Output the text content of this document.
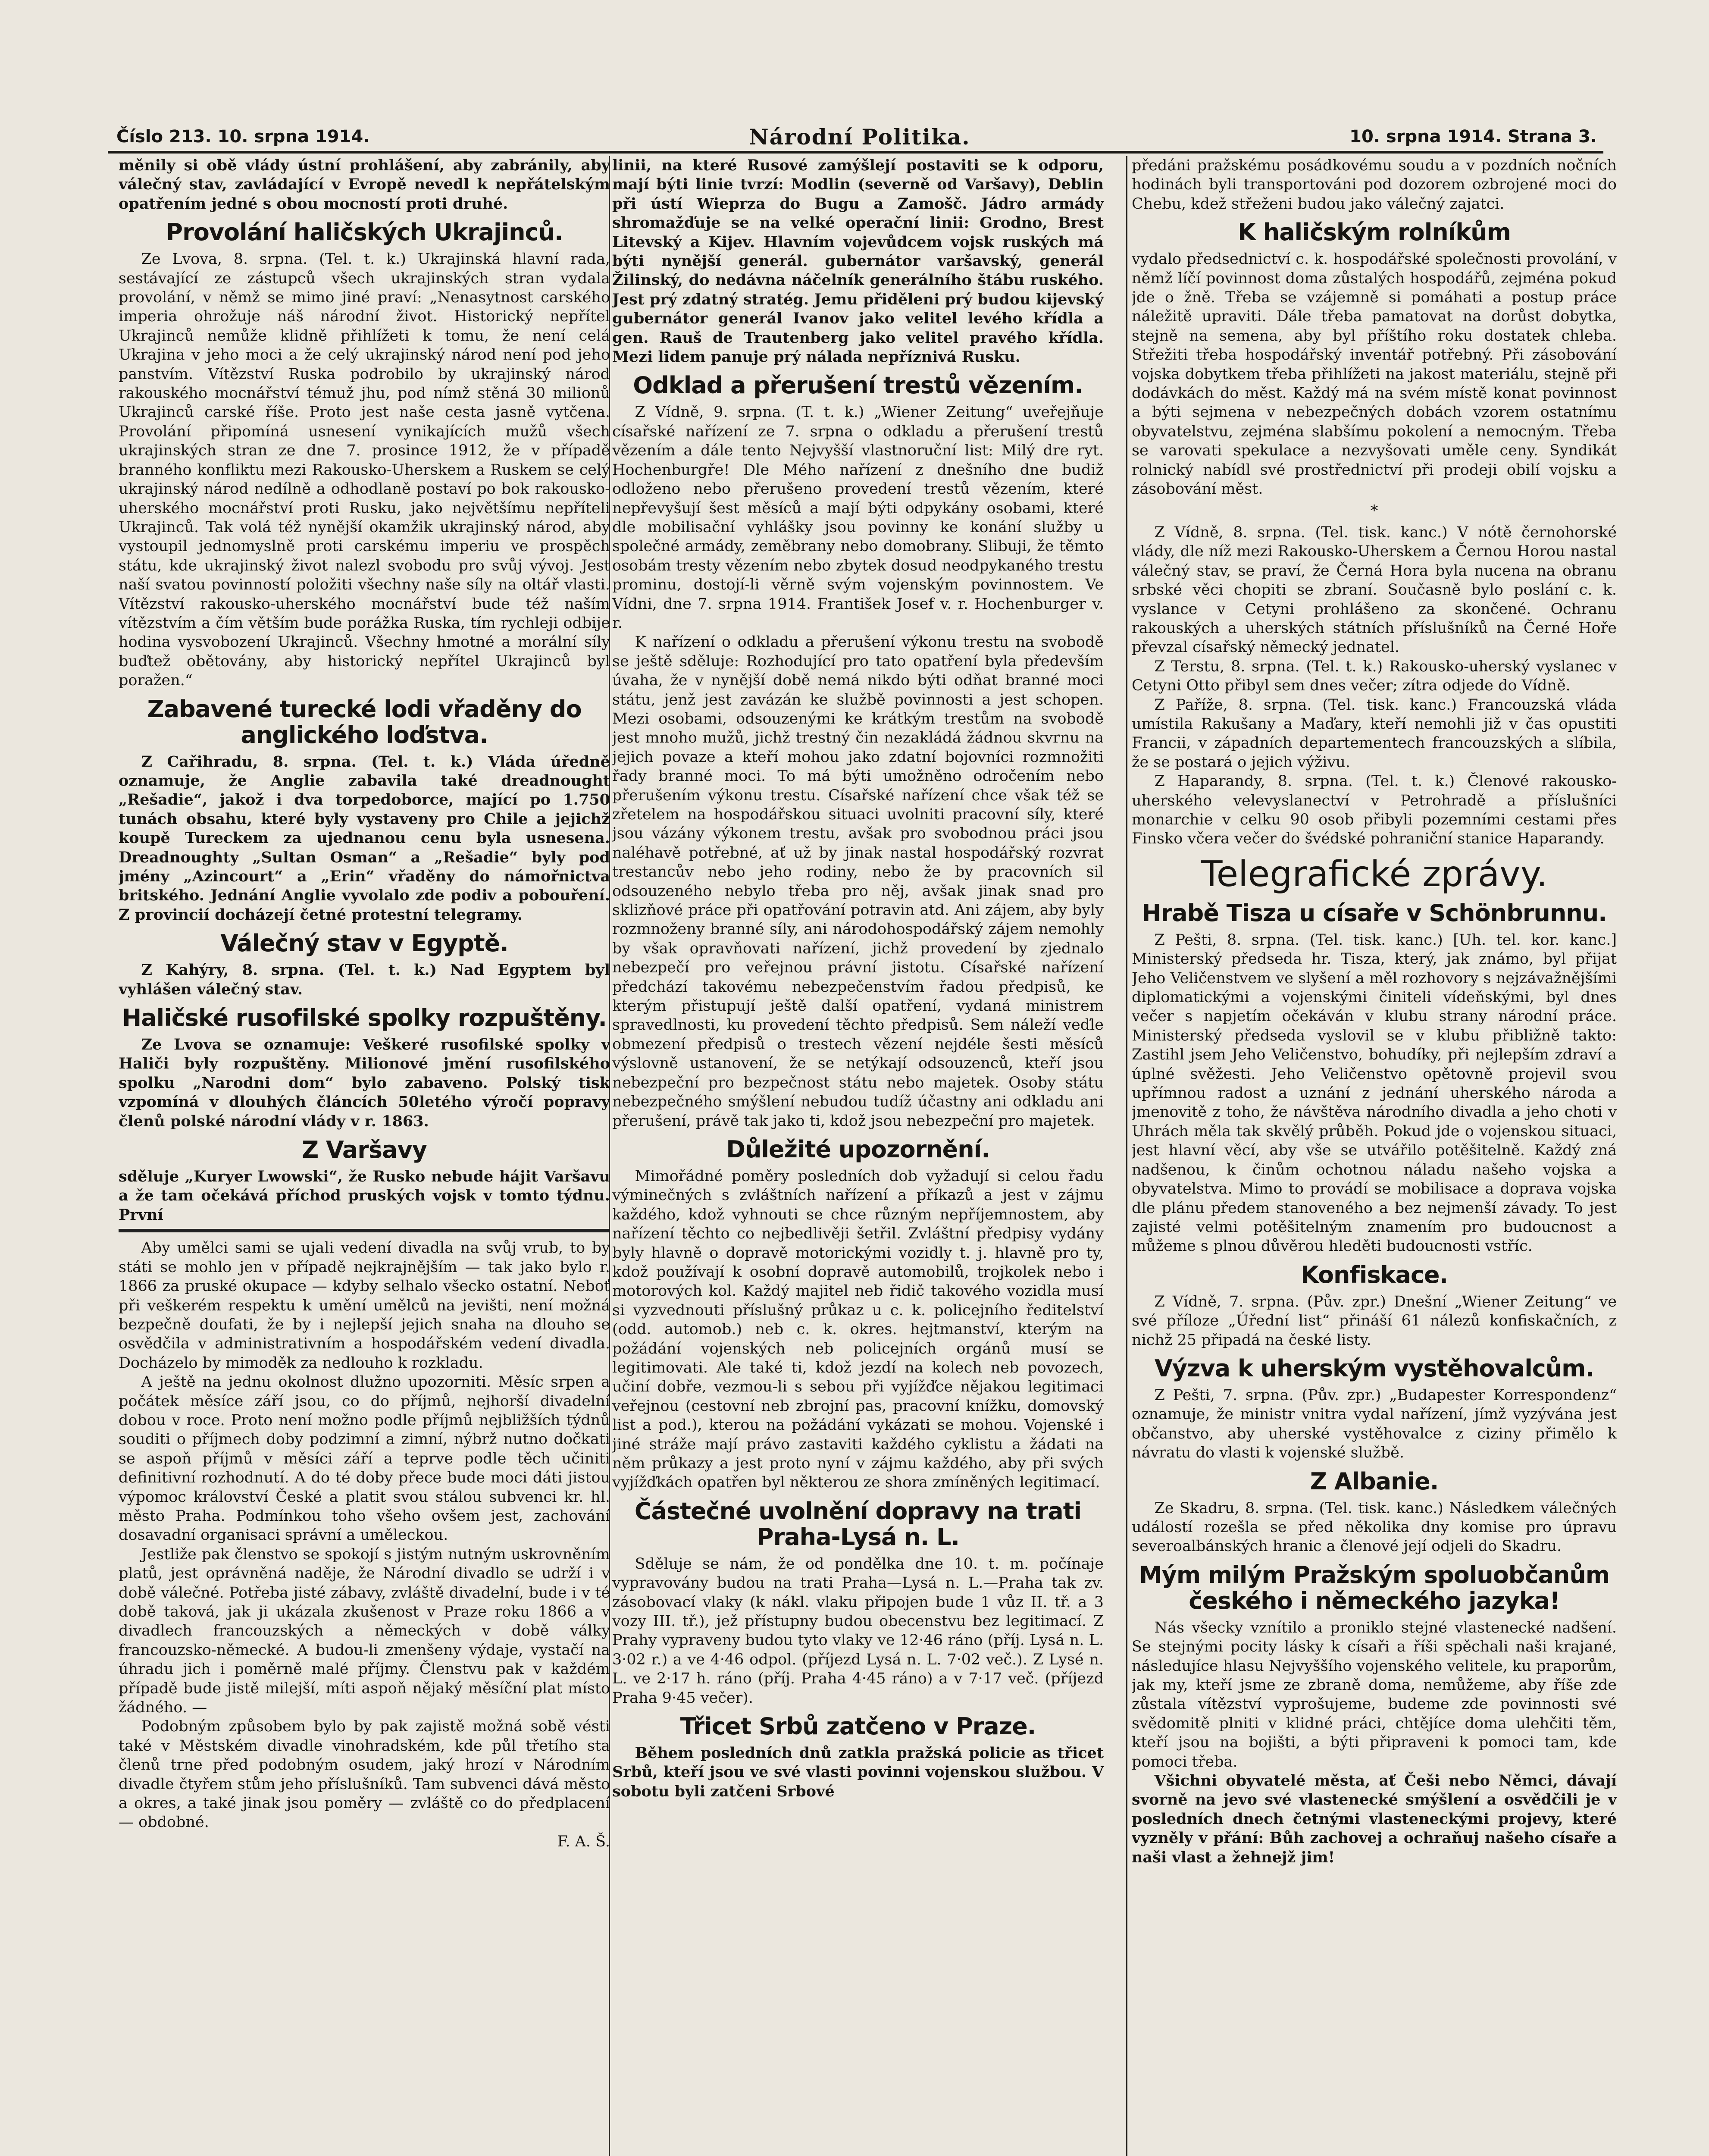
Číslo 213. 10. srpna 1914.	Národní Politika.	10. srpna 1914. Strana 3.

měnily si obě vlády ústní prohlášení, aby zabránily, aby válečný stav, zavládající v Evropě nevedl k nepřátelským opatřením jedné s obou mocností proti druhé.

Provolání haličských Ukrajinců.

Ze Lvova, 8. srpna. (Tel. t. k.) Ukrajinská hlavní rada, sestávající ze zástupců všech ukrajinských stran vydala provolání, v němž se mimo jiné praví: „Nenasytnost carského imperia ohrožuje náš národní život. Historický nepřítel Ukrajinců nemůže klidně přihlížeti k tomu, že není celá Ukrajina v jeho moci a že celý ukrajinský národ není pod jeho panstvím. Vítězství Ruska podrobilo by ukrajinský národ rakouského mocnářství témuž jhu, pod nímž stěná 30 milionů Ukrajinců carské říše. Proto jest naše cesta jasně vytčena. Provolání připomíná usnesení vynikajících mužů všech ukrajinských stran ze dne 7. prosince 1912, že v případě branného konfliktu mezi Rakousko-Uherskem a Ruskem se celý ukrajinský národ nedílně a odhodlaně postaví po bok rakousko-uherského mocnářství proti Rusku, jako největšímu nepříteli Ukrajinců. Tak volá též nynější okamžik ukrajinský národ, aby vystoupil jednomyslně proti carskému imperiu ve prospěch státu, kde ukrajinský život nalezl svobodu pro svůj vývoj. Jest naší svatou povinností položiti všechny naše síly na oltář vlasti. Vítězství rakousko-uherského mocnářství bude též naším vítězstvím a čím větším bude porážka Ruska, tím rychleji odbije hodina vysvobození Ukrajinců. Všechny hmotné a morální síly buďtež obětovány, aby historický nepřítel Ukrajinců byl poražen.“

Zabavené turecké lodi vřaděny do anglického loďstva.

Z Cařihradu, 8. srpna. (Tel. t. k.) Vláda úředně oznamuje, že Anglie zabavila také dreadnought „Rešadie“, jakož i dva torpedoborce, mající po 1.750 tunách obsahu, které byly vystaveny pro Chile a jejichž koupě Tureckem za ujednanou cenu byla usnesena. Dreadnoughty „Sultan Osman“ a „Rešadie“ byly pod jmény „Azincourt“ a „Erin“ vřaděny do námořnictva britského. Jednání Anglie vyvolalo zde podiv a pobouření. Z provincií docházejí četné protestní telegramy.

Válečný stav v Egyptě.

Z Kahýry, 8. srpna. (Tel. t. k.) Nad Egyptem byl vyhlášen válečný stav.

Haličské rusofilské spolky rozpuštěny.

Ze Lvova se oznamuje: Veškeré rusofilské spolky v Haliči byly rozpuštěny. Milionové jmění rusofilského spolku „Narodni dom“ bylo zabaveno. Polský tisk vzpomíná v dlouhých článcích 50letého výročí popravy členů polské národní vlády v r. 1863.

Z Varšavy

sděluje „Kuryer Lwowski“, že Rusko nebude hájit Varšavu a že tam očekává příchod pruských vojsk v tomto týdnu. První

Aby umělci sami se ujali vedení divadla na svůj vrub, to by státi se mohlo jen v případě nejkrajnějším — tak jako bylo r. 1866 za pruské okupace — kdyby selhalo všecko ostatní. Neboť při veškerém respektu k umění umělců na jevišti, není možná bezpečně doufati, že by i nejlepší jejich snaha na dlouho se osvědčila v administrativním a hospodářském vedení divadla. Docházelo by mimoděk za nedlouho k rozkladu.

A ještě na jednu okolnost dlužno upozorniti. Měsíc srpen a počátek měsíce září jsou, co do příjmů, nejhorší divadelní dobou v roce. Proto není možno podle příjmů nejbližších týdnů souditi o příjmech doby podzimní a zimní, nýbrž nutno dočkati se aspoň příjmů v měsíci září a teprve podle těch učiniti definitivní rozhodnutí. A do té doby přece bude moci dáti jistou výpomoc království České a platit svou stálou subvenci kr. hl. město Praha. Podmínkou toho všeho ovšem jest, zachování dosavadní organisaci správní a uměleckou.

Jestliže pak členstvo se spokojí s jistým nutným uskrovněním platů, jest oprávněná naděje, že Národní divadlo se udrží i v době válečné. Potřeba jisté zábavy, zvláště divadelní, bude i v té době taková, jak ji ukázala zkušenost v Praze roku 1866 a v divadlech francouzských a německých v době války francouzsko-německé. A budou-li zmenšeny výdaje, vystačí na úhradu jich i poměrně malé příjmy. Členstvu pak v každém případě bude jistě milejší, míti aspoň nějaký měsíční plat místo žádného. —

Podobným způsobem bylo by pak zajistě možná sobě vésti také v Městském divadle vinohradském, kde půl třetího sta členů trne před podobným osudem, jaký hrozí v Národním divadle čtyřem stům jeho příslušníků. Tam subvenci dává město a okres, a také jinak jsou poměry — zvláště co do předplacení — obdobné.

F. A. Š.

linii, na které Rusové zamýšlejí postaviti se k odporu, mají býti linie tvrzí: Modlin (severně od Varšavy), Deblin při ústí Wieprza do Bugu a Zamošč. Jádro armády shromažďuje se na velké operační linii: Grodno, Brest Litevský a Kijev. Hlavním vojevůdcem vojsk ruských má býti nynější generál. gubernátor varšavský, generál Žilinský, do nedávna náčelník generálního štábu ruského. Jest prý zdatný stratég. Jemu přiděleni prý budou kijevský gubernátor generál Ivanov jako velitel levého křídla a gen. Rauš de Trautenberg jako velitel pravého křídla. Mezi lidem panuje prý nálada nepříznivá Rusku.

Odklad a přerušení trestů vězením.

Z Vídně, 9. srpna. (T. t. k.) „Wiener Zeitung“ uveřejňuje císařské nařízení ze 7. srpna o odkladu a přerušení trestů vězením a dále tento Nejvyšší vlastnoruční list: Milý dre ryt. Hochenburgře! Dle Mého nařízení z dnešního dne budiž odloženo nebo přerušeno provedení trestů vězením, které nepřevyšují šest měsíců a mají býti odpykány osobami, které dle mobilisační vyhlášky jsou povinny ke konání služby u společné armády, zeměbrany nebo domobrany. Slibuji, že těmto osobám tresty vězením nebo zbytek dosud neodpykaného trestu prominu, dostojí-li věrně svým vojenským povinnostem. Ve Vídni, dne 7. srpna 1914. František Josef v. r. Hochenburger v. r.

K nařízení o odkladu a přerušení výkonu trestu na svobodě se ještě sděluje: Rozhodující pro tato opatření byla především úvaha, že v nynější době nemá nikdo býti odňat branné moci státu, jenž jest zavázán ke službě povinnosti a jest schopen. Mezi osobami, odsouzenými ke krátkým trestům na svobodě jest mnoho mužů, jichž trestný čin nezakládá žádnou skvrnu na jejich povaze a kteří mohou jako zdatní bojovníci rozmnožiti řady branné moci. To má býti umožněno odročením nebo přerušením výkonu trestu. Císařské nařízení chce však též se zřetelem na hospodářskou situaci uvolniti pracovní síly, které jsou vázány výkonem trestu, avšak pro svobodnou práci jsou naléhavě potřebné, ať už by jinak nastal hospodářský rozvrat trestancův nebo jeho rodiny, nebo že by pracovních sil odsouzeného nebylo třeba pro něj, avšak jinak snad pro sklizňové práce při opatřování potravin atd. Ani zájem, aby byly rozmnoženy branné síly, ani národohospodářský zájem nemohly by však opravňovati nařízení, jichž provedení by zjednalo nebezpečí pro veřejnou právní jistotu. Císařské nařízení předchází takovému nebezpečenstvím řadou předpisů, ke kterým přistupují ještě další opatření, vydaná ministrem spravedlnosti, ku provedení těchto předpisů. Sem náleží veďle obmezení předpisů o trestech vězení nejdéle šesti měsíců výslovně ustanovení, že se netýkají odsouzenců, kteří jsou nebezpeční pro bezpečnost státu nebo majetek. Osoby státu nebezpečného smýšlení nebudou tudíž účastny ani odkladu ani přerušení, právě tak jako ti, kdož jsou nebezpeční pro majetek.

Důležité upozornění.

Mimořádné poměry posledních dob vyžadují si celou řadu výminečných s zvláštních nařízení a příkazů a jest v zájmu každého, kdož vyhnouti se chce různým nepříjemnostem, aby nařízení těchto co nejbedlivěji šetřil. Zvláštní předpisy vydány byly hlavně o dopravě motorickými vozidly t. j. hlavně pro ty, kdož používají k osobní dopravě automobilů, trojkolek nebo i motorových kol. Každý majitel neb řidič takového vozidla musí si vyzvednouti příslušný průkaz u c. k. policejního ředitelství (odd. automob.) neb c. k. okres. hejtmanství, kterým na požádání vojenských neb policejních orgánů musí se legitimovati. Ale také ti, kdož jezdí na kolech neb povozech, učiní dobře, vezmou-li s sebou při vyjížďce nějakou legitimaci veřejnou (cestovní neb zbrojní pas, pracovní knížku, domovský list a pod.), kterou na požádání vykázati se mohou. Vojenské i jiné stráže mají právo zastaviti každého cyklistu a žádati na něm průkazy a jest proto nyní v zájmu každého, aby při svých vyjížďkách opatřen byl některou ze shora zmíněných legitimací.

Částečné uvolnění dopravy na trati Praha-Lysá n. L.

Sděluje se nám, že od pondělka dne 10. t. m. počínaje vypravovány budou na trati Praha—Lysá n. L.—Praha tak zv. zásobovací vlaky (k nákl. vlaku připojen bude 1 vůz II. tř. a 3 vozy III. tř.), jež přístupny budou obecenstvu bez legitimací. Z Prahy vypraveny budou tyto vlaky ve 12·46 ráno (příj. Lysá n. L. 3·02 r.) a ve 4·46 odpol. (příjezd Lysá n. L. 7·02 več.). Z Lysé n. L. ve 2·17 h. ráno (příj. Praha 4·45 ráno) a v 7·17 več. (příjezd Praha 9·45 večer).

Třicet Srbů zatčeno v Praze.

Během posledních dnů zatkla pražská policie as třicet Srbů, kteří jsou ve své vlasti povinni vojenskou službou. V sobotu byli zatčeni Srbové

předáni pražskému posádkovému soudu a v pozdních nočních hodinách byli transportováni pod dozorem ozbrojené moci do Chebu, kdež střeženi budou jako válečný zajatci.

K haličským rolníkům

vydalo předsednictví c. k. hospodářské společnosti provolání, v němž líčí povinnost doma zůstalých hospodářů, zejména pokud jde o žně. Třeba se vzájemně si pomáhati a postup práce náležitě upraviti. Dále třeba pamatovat na dorůst dobytka, stejně na semena, aby byl příštího roku dostatek chleba. Střežiti třeba hospodářský inventář potřebný. Při zásobování vojska dobytkem třeba přihlížeti na jakost materiálu, stejně při dodávkách do měst. Každý má na svém místě konat povinnost a býti sejmena v nebezpečných dobách vzorem ostatnímu obyvatelstvu, zejména slabšímu pokolení a nemocným. Třeba se varovati spekulace a nezvyšovati uměle ceny. Syndikát rolnický nabídl své prostřednictví při prodeji obilí vojsku a zásobování měst.

*

Z Vídně, 8. srpna. (Tel. tisk. kanc.) V nótě černohorské vlády, dle níž mezi Rakousko-Uherskem a Černou Horou nastal válečný stav, se praví, že Černá Hora byla nucena na obranu srbské věci chopiti se zbraní. Současně bylo poslání c. k. vyslance v Cetyni prohlášeno za skončené. Ochranu rakouských a uherských státních příslušníků na Černé Hoře převzal císařský německý jednatel.

Z Terstu, 8. srpna. (Tel. t. k.) Rakousko-uherský vyslanec v Cetyni Otto přibyl sem dnes večer; zítra odjede do Vídně.

Z Paříže, 8. srpna. (Tel. tisk. kanc.) Francouzská vláda umístila Rakušany a Maďary, kteří nemohli již v čas opustiti Francii, v západních departementech francouzských a slíbila, že se postará o jejich výživu.

Z Haparandy, 8. srpna. (Tel. t. k.) Členové rakousko-uherského velevyslanectví v Petrohradě a příslušníci monarchie v celku 90 osob přibyli pozemními cestami přes Finsko včera večer do švédské pohraniční stanice Haparandy.

Telegrafické zprávy.
Hrabě Tisza u císaře v Schönbrunnu.

Z Pešti, 8. srpna. (Tel. tisk. kanc.) [Uh. tel. kor. kanc.] Ministerský předseda hr. Tisza, který, jak známo, byl přijat Jeho Veličenstvem ve slyšení a měl rozhovory s nejzávažnějšími diplomatickými a vojenskými činiteli vídeňskými, byl dnes večer s napjetím očekáván v klubu strany národní práce. Ministerský předseda vyslovil se v klubu přibližně takto: Zastihl jsem Jeho Veličenstvo, bohudíky, při nejlepším zdraví a úplné svěžesti. Jeho Veličenstvo opětovně projevil svou upřímnou radost a uznání z jednání uherského národa a jmenovitě z toho, že návštěva národního divadla a jeho choti v Uhrách měla tak skvělý průběh. Pokud jde o vojenskou situaci, jest hlavní věcí, aby vše se utvářilo potěšitelně. Každý zná nadšenou, k činům ochotnou náladu našeho vojska a obyvatelstva. Mimo to provádí se mobilisace a doprava vojska dle plánu předem stanoveného a bez nejmenší závady. To jest zajisté velmi potěšitelným znamením pro budoucnost a můžeme s plnou důvěrou hleděti budoucnosti vstříc.

Konfiskace.

Z Vídně, 7. srpna. (Pův. zpr.) Dnešní „Wiener Zeitung“ ve své příloze „Úřední list“ přináší 61 nálezů konfiskačních, z nichž 25 připadá na české listy.

Výzva k uherským vystěhovalcům.

Z Pešti, 7. srpna. (Pův. zpr.) „Budapester Korrespondenz“ oznamuje, že ministr vnitra vydal nařízení, jímž vyzývána jest občanstvo, aby uherské vystěhovalce z ciziny přimělo k návratu do vlasti k vojenské službě.

Z Albanie.

Ze Skadru, 8. srpna. (Tel. tisk. kanc.) Následkem válečných událostí rozešla se před několika dny komise pro úpravu severoalbánských hranic a členové její odjeli do Skadru.

Mým milým Pražským spoluobčanům českého i německého jazyka!

Nás všecky vznítilo a proniklo stejné vlastenecké nadšení. Se stejnými pocity lásky k císaři a říši spěchali naši krajané, následujíce hlasu Nejvyššího vojenského velitele, ku praporům, jak my, kteří jsme ze zbraně doma, nemůžeme, aby říše zde zůstala vítězství vyprošujeme, budeme zde povinnosti své svědomitě plniti v klidné práci, chtějíce doma ulehčiti těm, kteří jsou na bojišti, a býti připraveni k pomoci tam, kde pomoci třeba.

Všichni obyvatelé města, ať Češi nebo Němci, dávají svorně na jevo své vlastenecké smýšlení a osvědčili je v posledních dnech četnými vlasteneckými projevy, které vyzněly v přání: Bůh zachovej a ochraňuj našeho císaře a naši vlast a žehnejž jim!
